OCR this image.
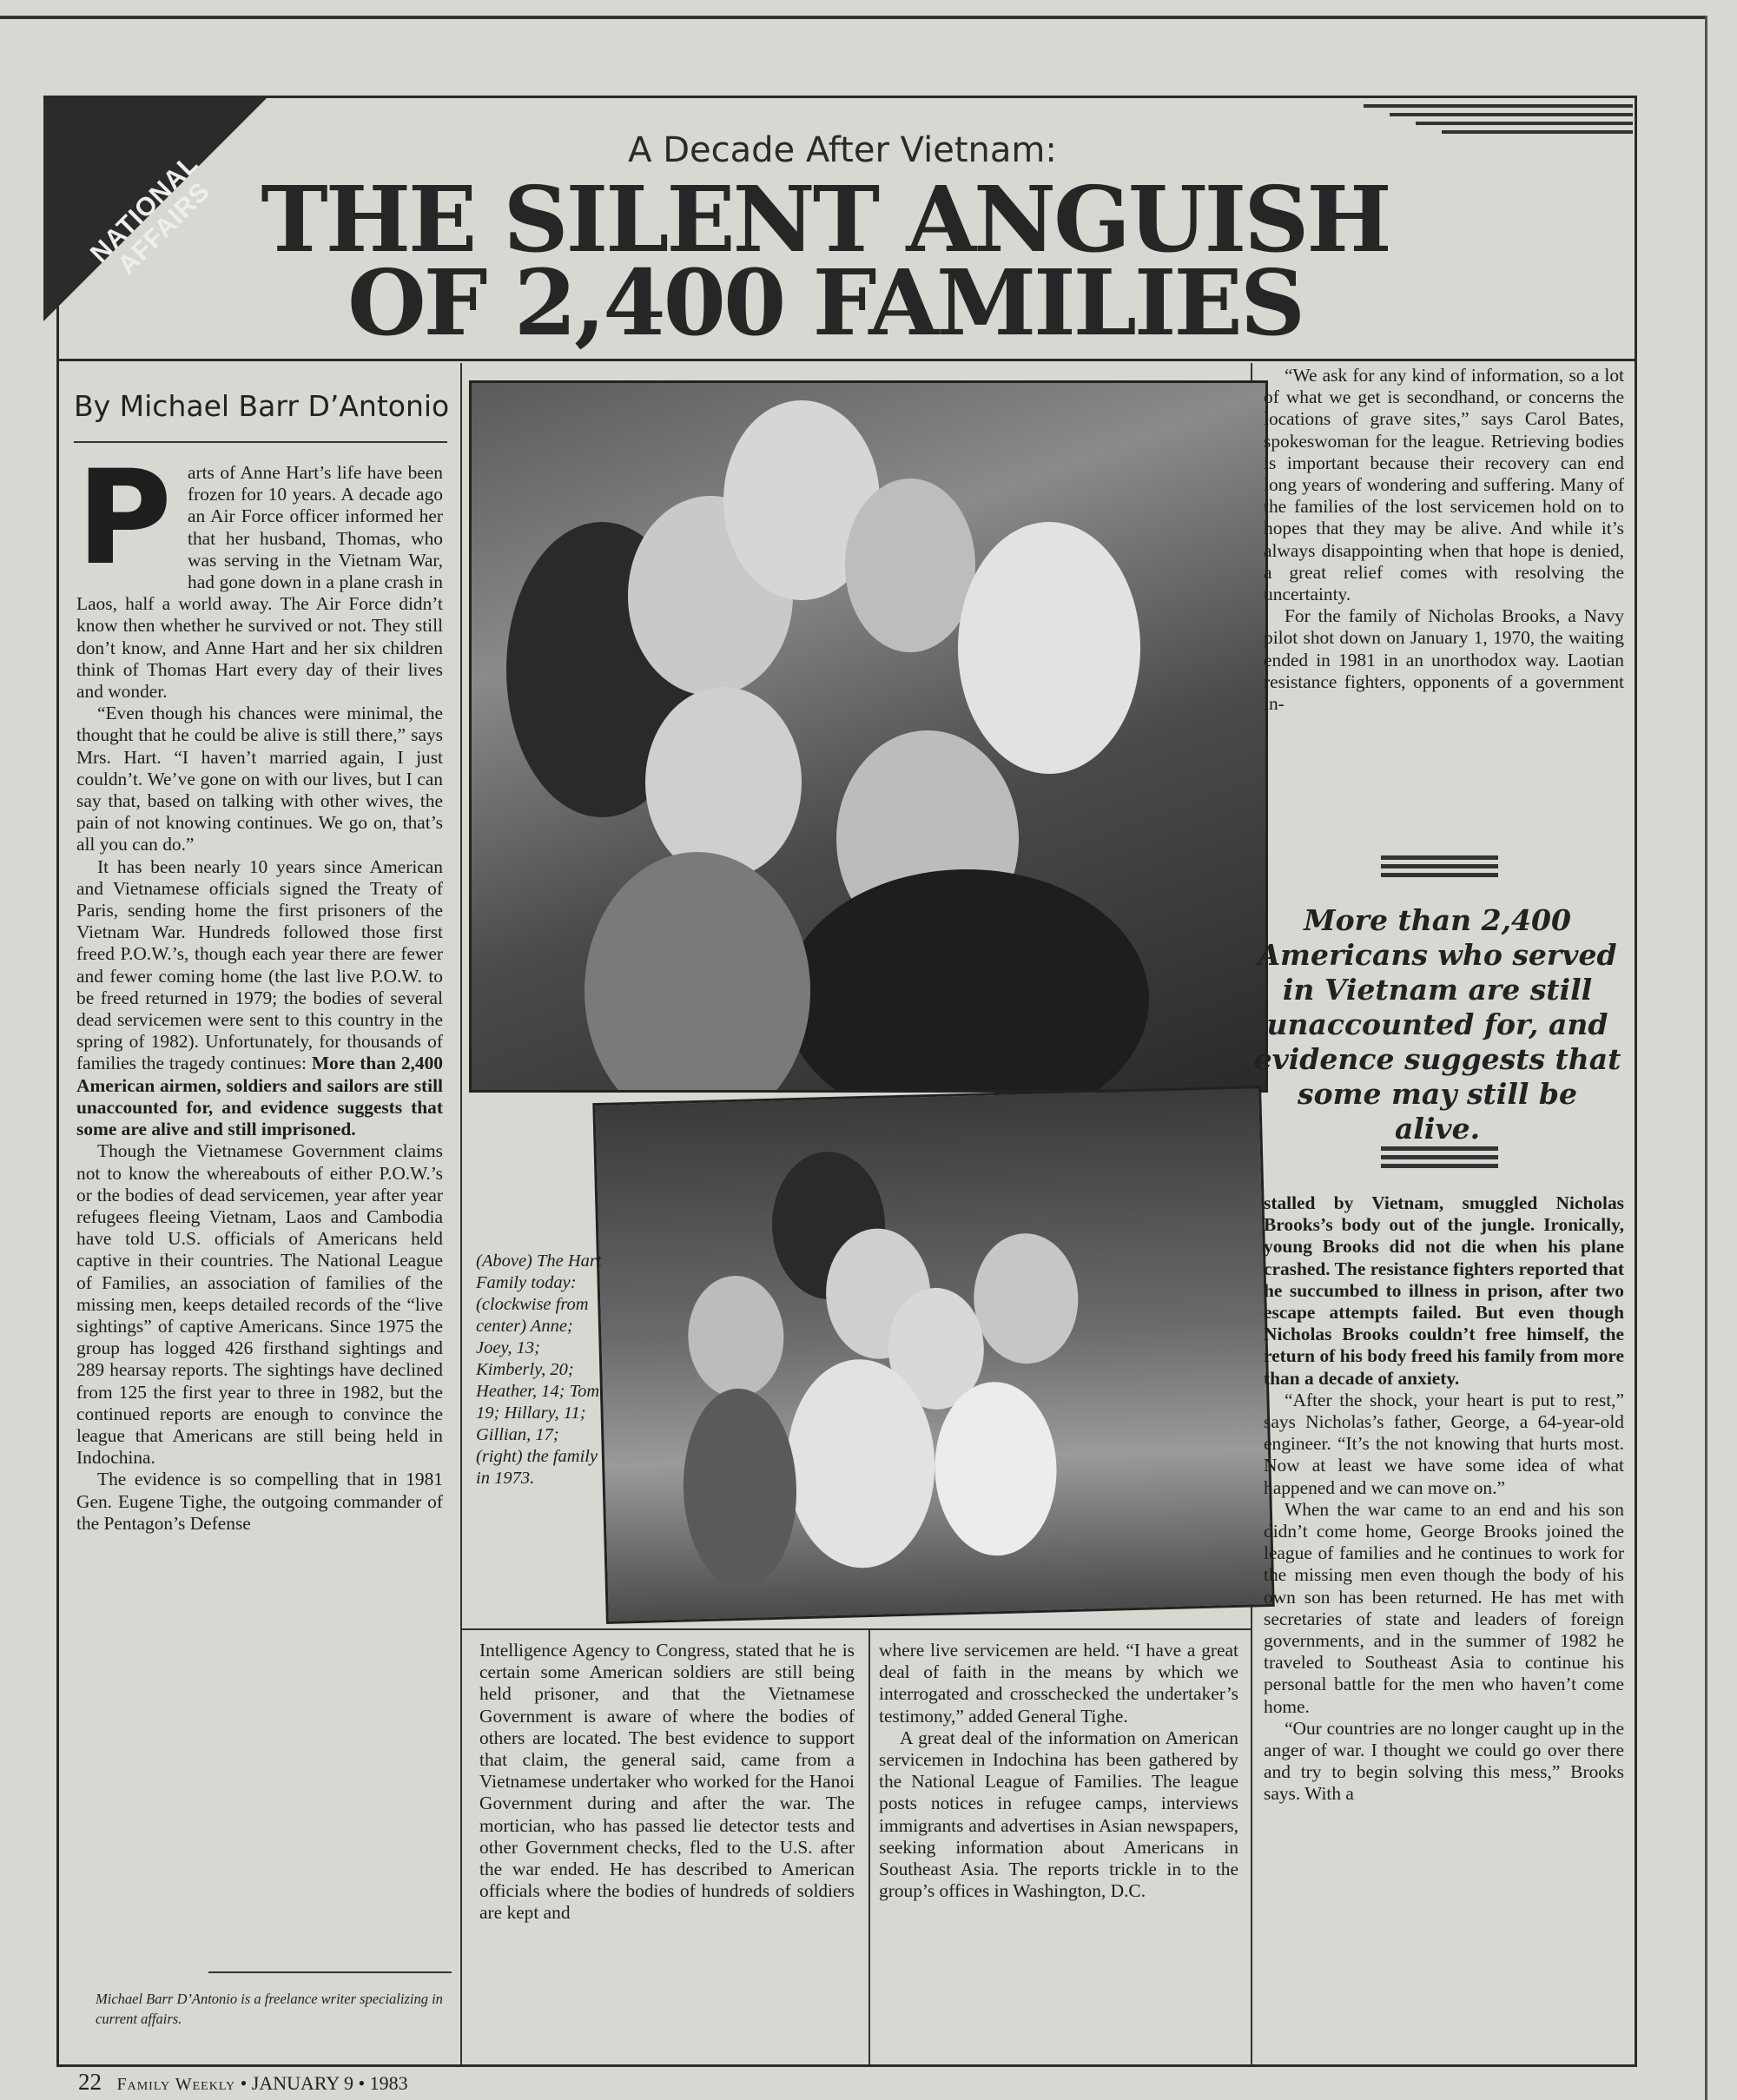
NATIONAL AFFAIRS
A Decade After Vietnam:
THE SILENT ANGUISH
OF 2,400 FAMILIES
By Michael Barr D’Antonio
P arts of Anne Hart’s life have been frozen for 10 years. A decade ago an Air Force officer informed her that her husband, Thomas, who was serving in the Vietnam War, had gone down in a plane crash in Laos, half a world away. The Air Force didn’t know then whether he survived or not. They still don’t know, and Anne Hart and her six children think of Thomas Hart every day of their lives and wonder.

“Even though his chances were minimal, the thought that he could be alive is still there,” says Mrs. Hart. “I haven’t married again, I just couldn’t. We’ve gone on with our lives, but I can say that, based on talking with other wives, the pain of not knowing continues. We go on, that’s all you can do.”

It has been nearly 10 years since American and Vietnamese officials signed the Treaty of Paris, sending home the first prisoners of the Vietnam War. Hundreds followed those first freed P.O.W.’s, though each year there are fewer and fewer coming home (the last live P.O.W. to be freed returned in 1979; the bodies of several dead servicemen were sent to this country in the spring of 1982). Unfortunately, for thousands of families the tragedy continues: More than 2,400 American airmen, soldiers and sailors are still unaccounted for, and evidence suggests that some are alive and still imprisoned.

Though the Vietnamese Government claims not to know the whereabouts of either P.O.W.’s or the bodies of dead servicemen, year after year refugees fleeing Vietnam, Laos and Cambodia have told U.S. officials of Americans held captive in their countries. The National League of Families, an association of families of the missing men, keeps detailed records of the “live sightings” of captive Americans. Since 1975 the group has logged 426 firsthand sightings and 289 hearsay reports. The sightings have declined from 125 the first year to three in 1982, but the continued reports are enough to convince the league that Americans are still being held in Indochina.

The evidence is so compelling that in 1981 Gen. Eugene Tighe, the outgoing commander of the Pentagon’s Defense

(Above) The Hart Family today: (clockwise from center) Anne; Joey, 13; Kimberly, 20; Heather, 14; Tom, 19; Hillary, 11; Gillian, 17; (right) the family in 1973.

Intelligence Agency to Congress, stated that he is certain some American soldiers are still being held prisoner, and that the Vietnamese Government is aware of where the bodies of others are located. The best evidence to support that claim, the general said, came from a Vietnamese undertaker who worked for the Hanoi Government during and after the war. The mortician, who has passed lie detector tests and other Government checks, fled to the U.S. after the war ended. He has described to American officials where the bodies of hundreds of soldiers are kept and

where live servicemen are held. “I have a great deal of faith in the means by which we interrogated and crosschecked the undertaker’s testimony,” added General Tighe.

A great deal of the information on American servicemen in Indochina has been gathered by the National League of Families. The league posts notices in refugee camps, interviews immigrants and advertises in Asian newspapers, seeking information about Americans in Southeast Asia. The reports trickle in to the group’s offices in Washington, D.C.

“We ask for any kind of information, so a lot of what we get is secondhand, or concerns the locations of grave sites,” says Carol Bates, spokeswoman for the league. Retrieving bodies is important because their recovery can end long years of wondering and suffering. Many of the families of the lost servicemen hold on to hopes that they may be alive. And while it’s always disappointing when that hope is denied, a great relief comes with resolving the uncertainty.

For the family of Nicholas Brooks, a Navy pilot shot down on January 1, 1970, the waiting ended in 1981 in an unorthodox way. Laotian resistance fighters, opponents of a government in-

More than 2,400 Americans who served in Vietnam are still unaccounted for, and evidence suggests that some may still be alive.

stalled by Vietnam, smuggled Nicholas Brooks’s body out of the jungle. Ironically, young Brooks did not die when his plane crashed. The resistance fighters reported that he succumbed to illness in prison, after two escape attempts failed. But even though Nicholas Brooks couldn’t free himself, the return of his body freed his family from more than a decade of anxiety.

“After the shock, your heart is put to rest,” says Nicholas’s father, George, a 64-year-old engineer. “It’s the not knowing that hurts most. Now at least we have some idea of what happened and we can move on.”

When the war came to an end and his son didn’t come home, George Brooks joined the league of families and he continues to work for the missing men even though the body of his own son has been returned. He has met with secretaries of state and leaders of foreign governments, and in the summer of 1982 he traveled to Southeast Asia to continue his personal battle for the men who haven’t come home.

“Our countries are no longer caught up in the anger of war. I thought we could go over there and try to begin solving this mess,” Brooks says. With a

Michael Barr D’Antonio is a freelance writer specializing in current affairs.
22 Family Weekly • JANUARY 9 • 1983
